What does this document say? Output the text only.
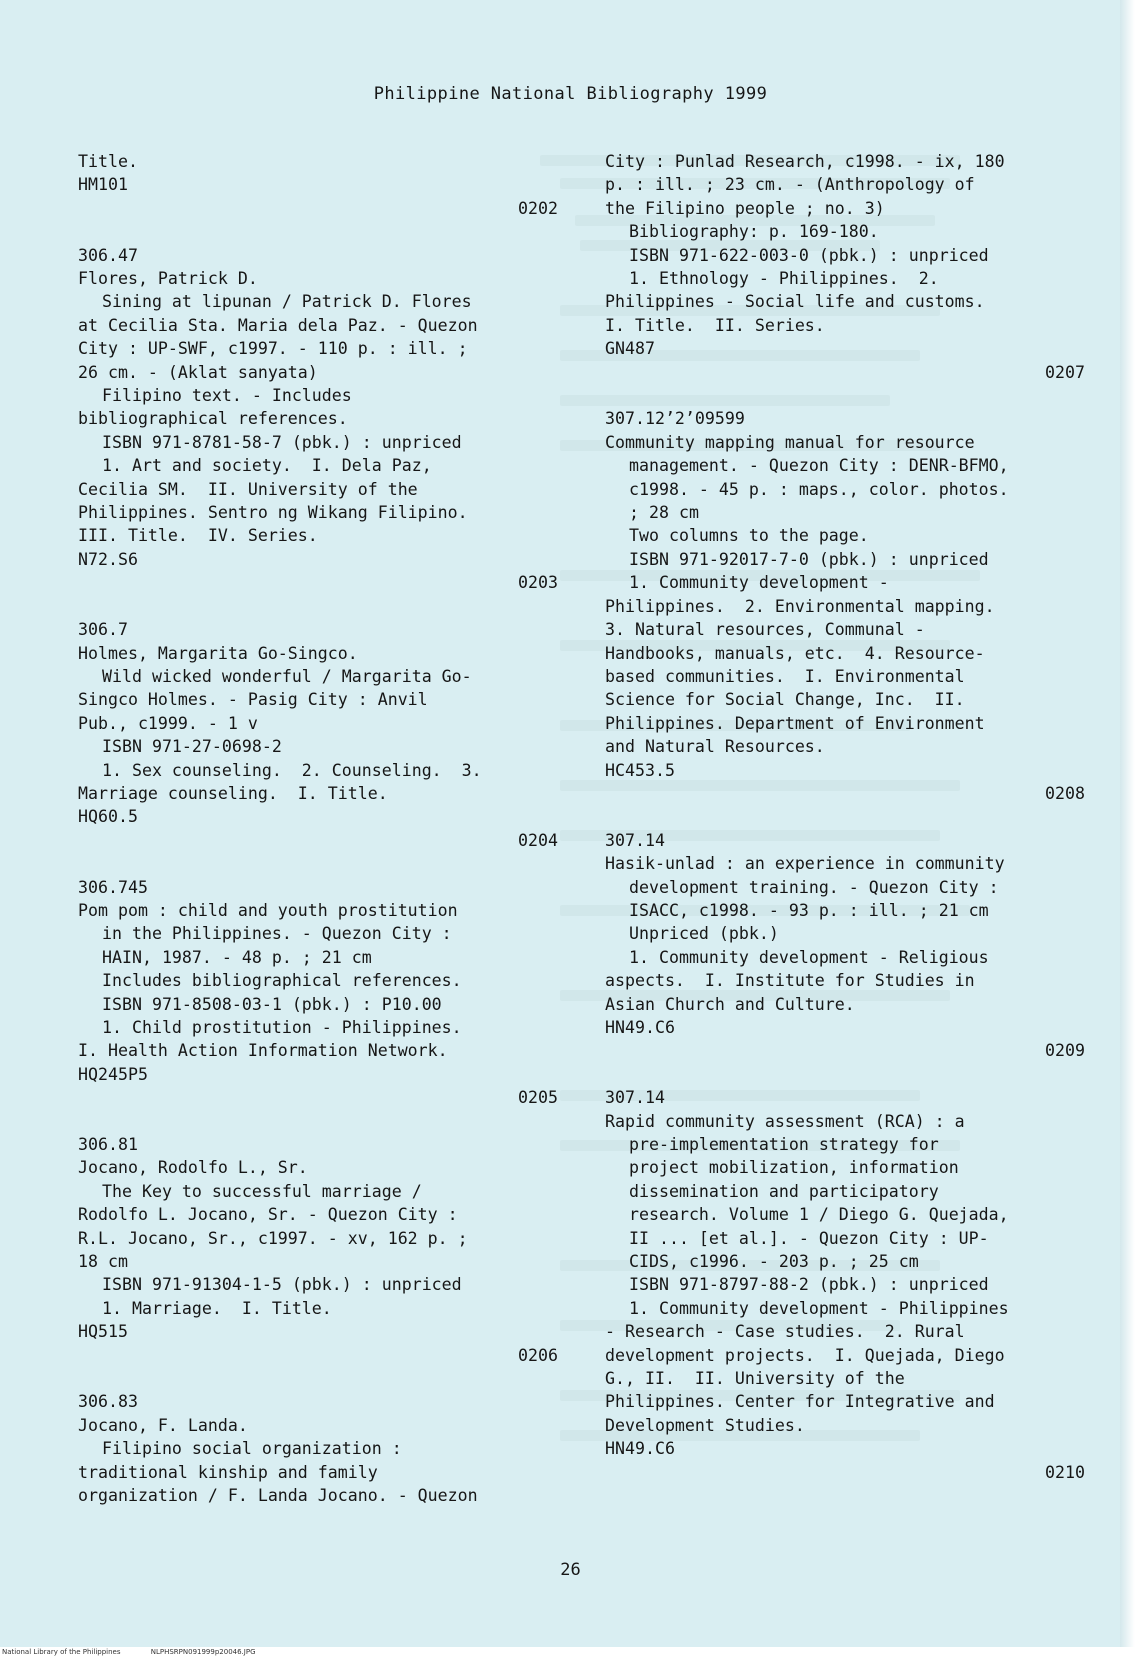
Philippine National Bibliography 1999
Title.
HM101
0202
306.47
Flores, Patrick D.
Sining at lipunan / Patrick D. Flores
at Cecilia Sta. Maria dela Paz. - Quezon
City : UP-SWF, c1997. - 110 p. : ill. ;
26 cm. - (Aklat sanyata)
Filipino text. - Includes
bibliographical references.
ISBN 971-8781-58-7 (pbk.) : unpriced
1. Art and society.  I. Dela Paz,
Cecilia SM.  II. University of the
Philippines. Sentro ng Wikang Filipino.
III. Title.  IV. Series.
N72.S6
0203
306.7
Holmes, Margarita Go-Singco.
Wild wicked wonderful / Margarita Go-
Singco Holmes. - Pasig City : Anvil
Pub., c1999. - 1 v
ISBN 971-27-0698-2
1. Sex counseling.  2. Counseling.  3.
Marriage counseling.  I. Title.
HQ60.5
0204
306.745
Pom pom : child and youth prostitution
in the Philippines. - Quezon City :
HAIN, 1987. - 48 p. ; 21 cm
Includes bibliographical references.
ISBN 971-8508-03-1 (pbk.) : P10.00
1. Child prostitution - Philippines.
I. Health Action Information Network.
HQ245P5
0205
306.81
Jocano, Rodolfo L., Sr.
The Key to successful marriage /
Rodolfo L. Jocano, Sr. - Quezon City :
R.L. Jocano, Sr., c1997. - xv, 162 p. ;
18 cm
ISBN 971-91304-1-5 (pbk.) : unpriced
1. Marriage.  I. Title.
HQ515
0206
306.83
Jocano, F. Landa.
Filipino social organization :
traditional kinship and family
organization / F. Landa Jocano. - Quezon
City : Punlad Research, c1998. - ix, 180
p. : ill. ; 23 cm. - (Anthropology of
the Filipino people ; no. 3)
Bibliography: p. 169-180.
ISBN 971-622-003-0 (pbk.) : unpriced
1. Ethnology - Philippines.  2.
Philippines - Social life and customs.
I. Title.  II. Series.
GN487
0207
307.12’2’09599
Community mapping manual for resource
management. - Quezon City : DENR-BFMO,
c1998. - 45 p. : maps., color. photos.
; 28 cm
Two columns to the page.
ISBN 971-92017-7-0 (pbk.) : unpriced
1. Community development -
Philippines.  2. Environmental mapping.
3. Natural resources, Communal -
Handbooks, manuals, etc.  4. Resource-
based communities.  I. Environmental
Science for Social Change, Inc.  II.
Philippines. Department of Environment
and Natural Resources.
HC453.5
0208
307.14
Hasik-unlad : an experience in community
development training. - Quezon City :
ISACC, c1998. - 93 p. : ill. ; 21 cm
Unpriced (pbk.)
1. Community development - Religious
aspects.  I. Institute for Studies in
Asian Church and Culture.
HN49.C6
0209
307.14
Rapid community assessment (RCA) : a
pre-implementation strategy for
project mobilization, information
dissemination and participatory
research. Volume 1 / Diego G. Quejada,
II ... [et al.]. - Quezon City : UP-
CIDS, c1996. - 203 p. ; 25 cm
ISBN 971-8797-88-2 (pbk.) : unpriced
1. Community development - Philippines
- Research - Case studies.  2. Rural
development projects.  I. Quejada, Diego
G., II.  II. University of the
Philippines. Center for Integrative and
Development Studies.
HN49.C6
0210
26
National Library of the Philippines	NLPHSRPN091999p20046.JPG
